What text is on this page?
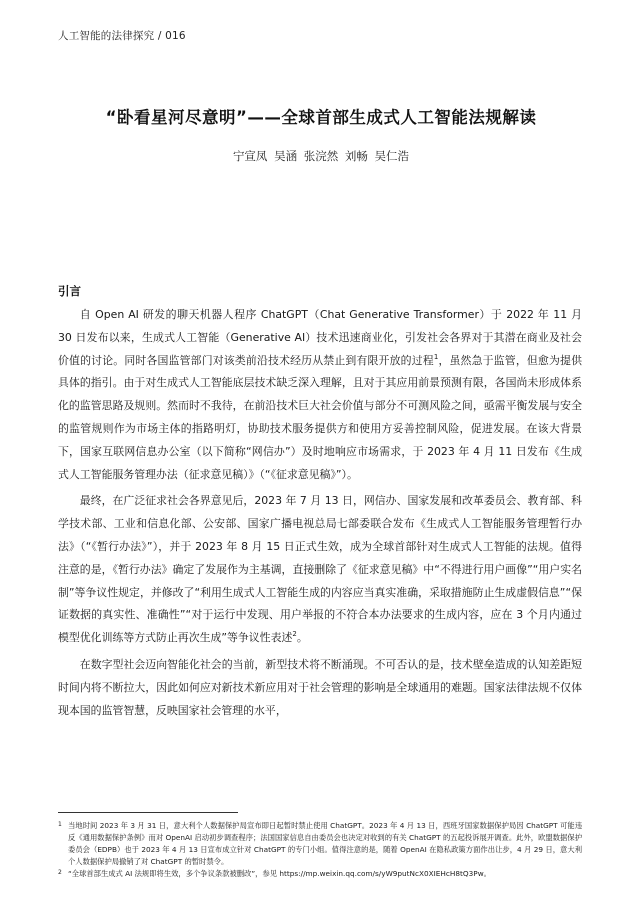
人工智能的法律探究 / 016
“卧看星河尽意明”——全球首部生成式人工智能法规解读
宁宣凤 吴涵 张浣然 刘畅 吴仁浩
引言

自 Open AI 研发的聊天机器人程序 ChatGPT（Chat Generative Transformer）于 2022 年 11 月 30 日发布以来，生成式人工智能（Generative AI）技术迅速商业化，引发社会各界对于其潜在商业及社会价值的讨论。同时各国监管部门对该类前沿技术经历从禁止到有限开放的过程$^1$，虽然急于监管，但愈为提供具体的指引。由于对生成式人工智能底层技术缺乏深入理解，且对于其应用前景预测有限，各国尚未形成体系化的监管思路及规则。然而时不我待，在前沿技术巨大社会价值与部分不可测风险之间，亟需平衡发展与安全的监管规则作为市场主体的指路明灯，协助技术服务提供方和使用方妥善控制风险，促进发展。在该大背景下，国家互联网信息办公室（以下简称“网信办”）及时地响应市场需求，于 2023 年 4 月 11 日发布《生成式人工智能服务管理办法（征求意见稿）》（“《征求意见稿》”）。

最终，在广泛征求社会各界意见后，2023 年 7 月 13 日，网信办、国家发展和改革委员会、教育部、科学技术部、工业和信息化部、公安部、国家广播电视总局七部委联合发布《生成式人工智能服务管理暂行办法》（“《暂行办法》”），并于 2023 年 8 月 15 日正式生效，成为全球首部针对生成式人工智能的法规。值得注意的是，《暂行办法》确定了发展作为主基调，直接删除了《征求意见稿》中“不得进行用户画像”“用户实名制”等争议性规定，并修改了“利用生成式人工智能生成的内容应当真实准确，采取措施防止生成虚假信息”“保证数据的真实性、准确性”“对于运行中发现、用户举报的不符合本办法要求的生成内容，应在 3 个月内通过模型优化训练等方式防止再次生成”等争议性表述$^2$。

在数字型社会迈向智能化社会的当前，新型技术将不断涌现。不可否认的是，技术壁垒造成的认知差距短时间内将不断拉大，因此如何应对新技术新应用对于社会管理的影响是全球通用的难题。国家法律法规不仅体现本国的监管智慧，反映国家社会管理的水平，

1 当地时间 2023 年 3 月 31 日，意大利个人数据保护局宣布即日起暂时禁止使用 ChatGPT。2023 年 4 月 13 日，西班牙国家数据保护局因 ChatGPT 可能违反《通用数据保护条例》而对 OpenAI 启动初步调查程序；法国国家信息自由委员会也决定对收到的有关 ChatGPT 的五起投诉展开调查。此外，欧盟数据保护委员会（EDPB）也于 2023 年 4 月 13 日宣布成立针对 ChatGPT 的专门小组。值得注意的是，随着 OpenAI 在隐私政策方面作出让步，4 月 29 日，意大利个人数据保护局撤销了对 ChatGPT 的暂时禁令。
2 “全球首部生成式 AI 法规即将生效，多个争议条款被删改”，参见 https://mp.weixin.qq.com/s/yW9putNcX0XIEHcH8tQ3Pw。
